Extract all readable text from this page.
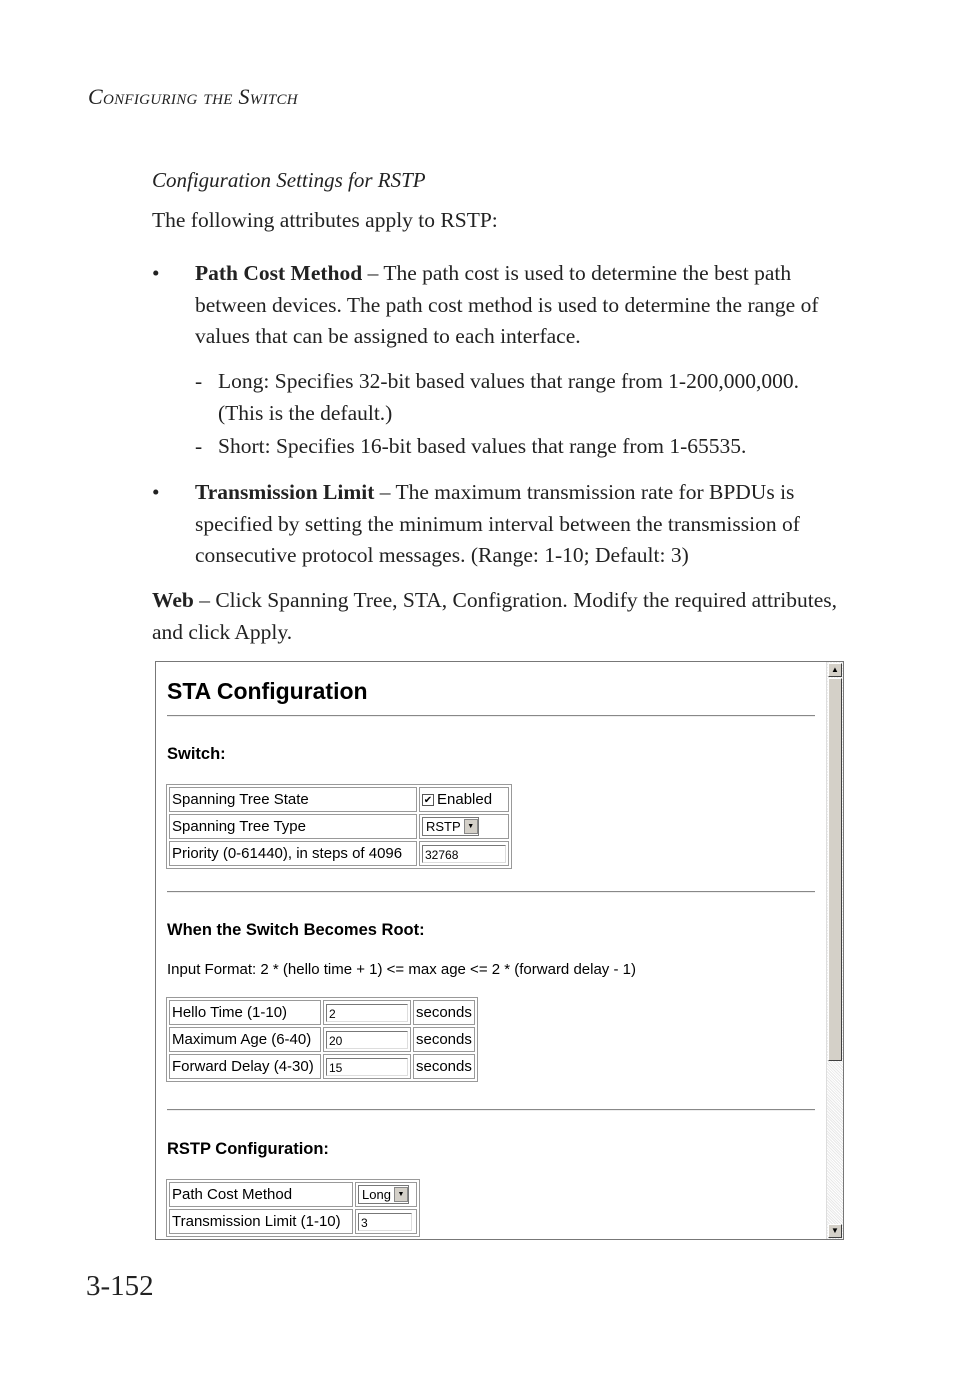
Configuring the Switch
Configuration Settings for RSTP
The following attributes apply to RSTP:
• Path Cost Method – The path cost is used to determine the best path between devices. The path cost method is used to determine the range of values that can be assigned to each interface.
- Long: Specifies 32-bit based values that range from 1-200,000,000. (This is the default.)
- Short: Specifies 16-bit based values that range from 1-65535.
• Transmission Limit – The maximum transmission rate for BPDUs is specified by setting the minimum interval between the transmission of consecutive protocol messages. (Range: 1-10; Default: 3)
Web – Click Spanning Tree, STA, Configration. Modify the required attributes, and click Apply.
STA Configuration
Switch:
Spanning Tree State	✔ Enabled
Spanning Tree Type	RSTP ▼
Priority (0-61440), in steps of 4096	32768
When the Switch Becomes Root:
Input Format: 2 * (hello time + 1) <= max age <= 2 * (forward delay - 1)
Hello Time (1-10)	2	seconds
Maximum Age (6-40)	20	seconds
Forward Delay (4-30)	15	seconds
RSTP Configuration:
Path Cost Method	Long ▼
Transmission Limit (1-10)	3
▲
▼
3-152
